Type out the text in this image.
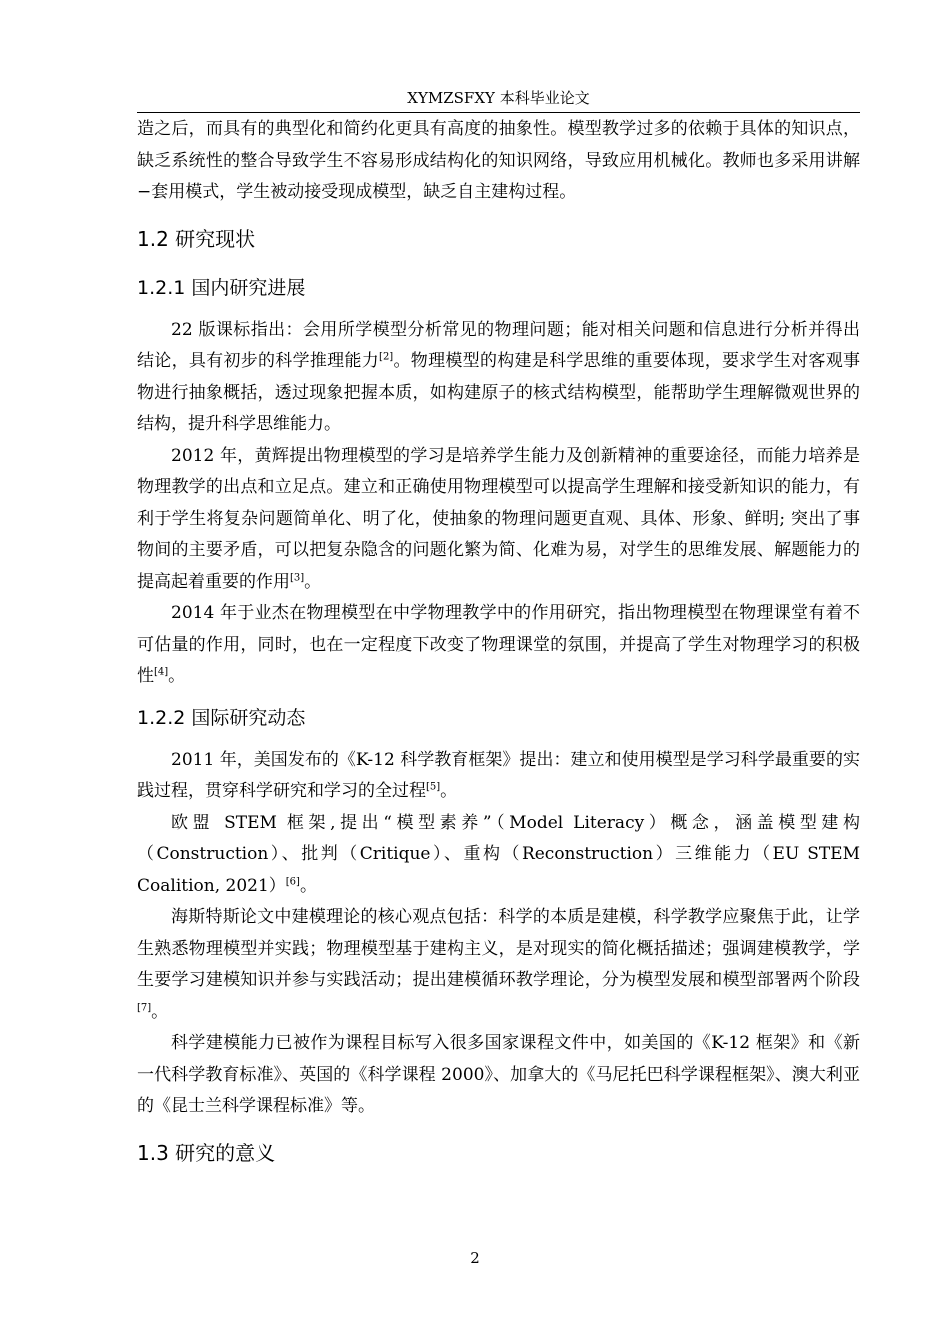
XYMZSFXY 本科毕业论文

造之后，而具有的典型化和简约化更具有高度的抽象性。模型教学过多的依赖于具体的知识点，缺乏系统性的整合导致学生不容易形成结构化的知识网络，导致应用机械化。教师也多采用讲解−套用模式，学生被动接受现成模型，缺乏自主建构过程。

1.2 研究现状
1.2.1 国内研究进展

22 版课标指出：会用所学模型分析常见的物理问题；能对相关问题和信息进行分析并得出结论，具有初步的科学推理能力[2]。物理模型的构建是科学思维的重要体现，要求学生对客观事物进行抽象概括，透过现象把握本质，如构建原子的核式结构模型，能帮助学生理解微观世界的结构，提升科学思维能力。

2012 年，黄辉提出物理模型的学习是培养学生能力及创新精神的重要途径，而能力培养是物理教学的出点和立足点。建立和正确使用物理模型可以提高学生理解和接受新知识的能力，有利于学生将复杂问题简单化、明了化，使抽象的物理问题更直观、具体、形象、鲜明; 突出了事物间的主要矛盾，可以把复杂隐含的问题化繁为简、化难为易，对学生的思维发展、解题能力的提高起着重要的作用[3]。

2014 年于业杰在物理模型在中学物理教学中的作用研究，指出物理模型在物理课堂有着不可估量的作用，同时，也在一定程度下改变了物理课堂的氛围，并提高了学生对物理学习的积极性[4]。

1.2.2 国际研究动态

2011 年，美国发布的《K-12 科学教育框架》提出：建立和使用模型是学习科学最重要的实践过程，贯穿科学研究和学习的全过程[5]。

欧盟 STEM 框架,提出“模型素养”（Model Literacy）概念，涵盖模型建构（Construction）、批判（Critique）、重构（Reconstruction）三维能力（EU STEM Coalition, 2021）[6]。

海斯特斯论文中建模理论的核心观点包括：科学的本质是建模，科学教学应聚焦于此，让学生熟悉物理模型并实践；物理模型基于建构主义，是对现实的简化概括描述；强调建模教学，学生要学习建模知识并参与实践活动；提出建模循环教学理论，分为模型发展和模型部署两个阶段[7]。

科学建模能力已被作为课程目标写入很多国家课程文件中，如美国的《K-12 框架》和《新一代科学教育标准》、英国的《科学课程 2000》、加拿大的《马尼托巴科学课程框架》、澳大利亚的《昆士兰科学课程标准》等。

1.3 研究的意义
2
